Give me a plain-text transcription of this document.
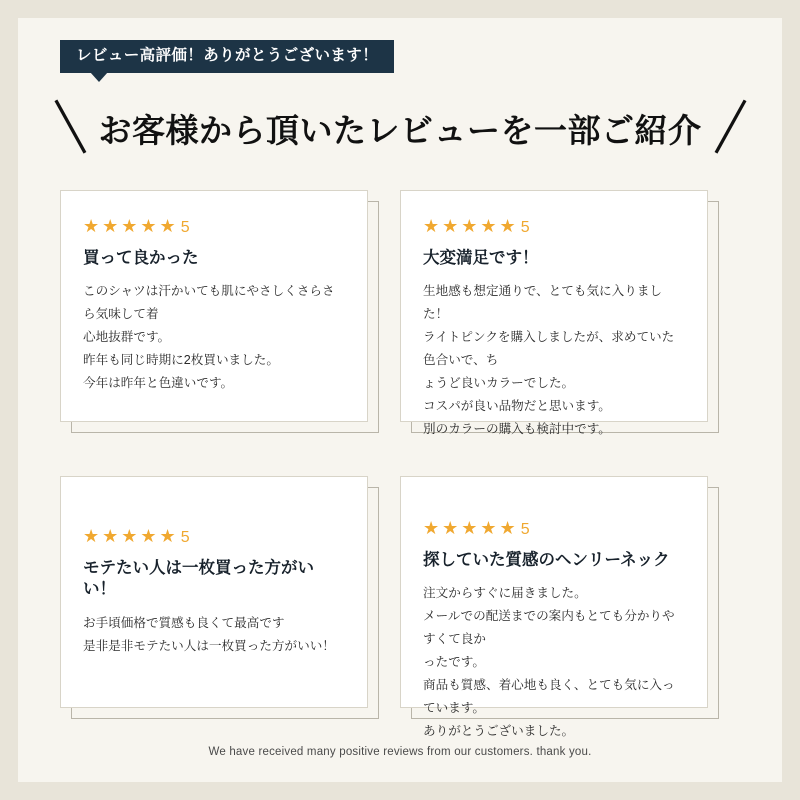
レビュー高評価！ありがとうございます！
＼ お客様から頂いたレビューを一部ご紹介 ／
★★★★★ 5
買って良かった

このシャツは汗かいても肌にやさしくさらさら気味して着

心地抜群です。

昨年も同じ時期に2枚買いました。

今年は昨年と色違いです。

★★★★★ 5
大変満足です！

生地感も想定通りで、とても気に入りました！

ライトピンクを購入しましたが、求めていた色合いで、ち

ょうど良いカラーでした。

コスパが良い品物だと思います。

別のカラーの購入も検討中です。

★★★★★ 5
モテたい人は一枚買った方がいい！

お手頃価格で質感も良くて最高です

是非是非モテたい人は一枚買った方がいい！

★★★★★ 5
探していた質感のヘンリーネック

注文からすぐに届きました。

メールでの配送までの案内もとても分かりやすくて良か

ったです。

商品も質感、着心地も良く、とても気に入っています。

ありがとうございました。

We have received many positive reviews from our customers. thank you.
